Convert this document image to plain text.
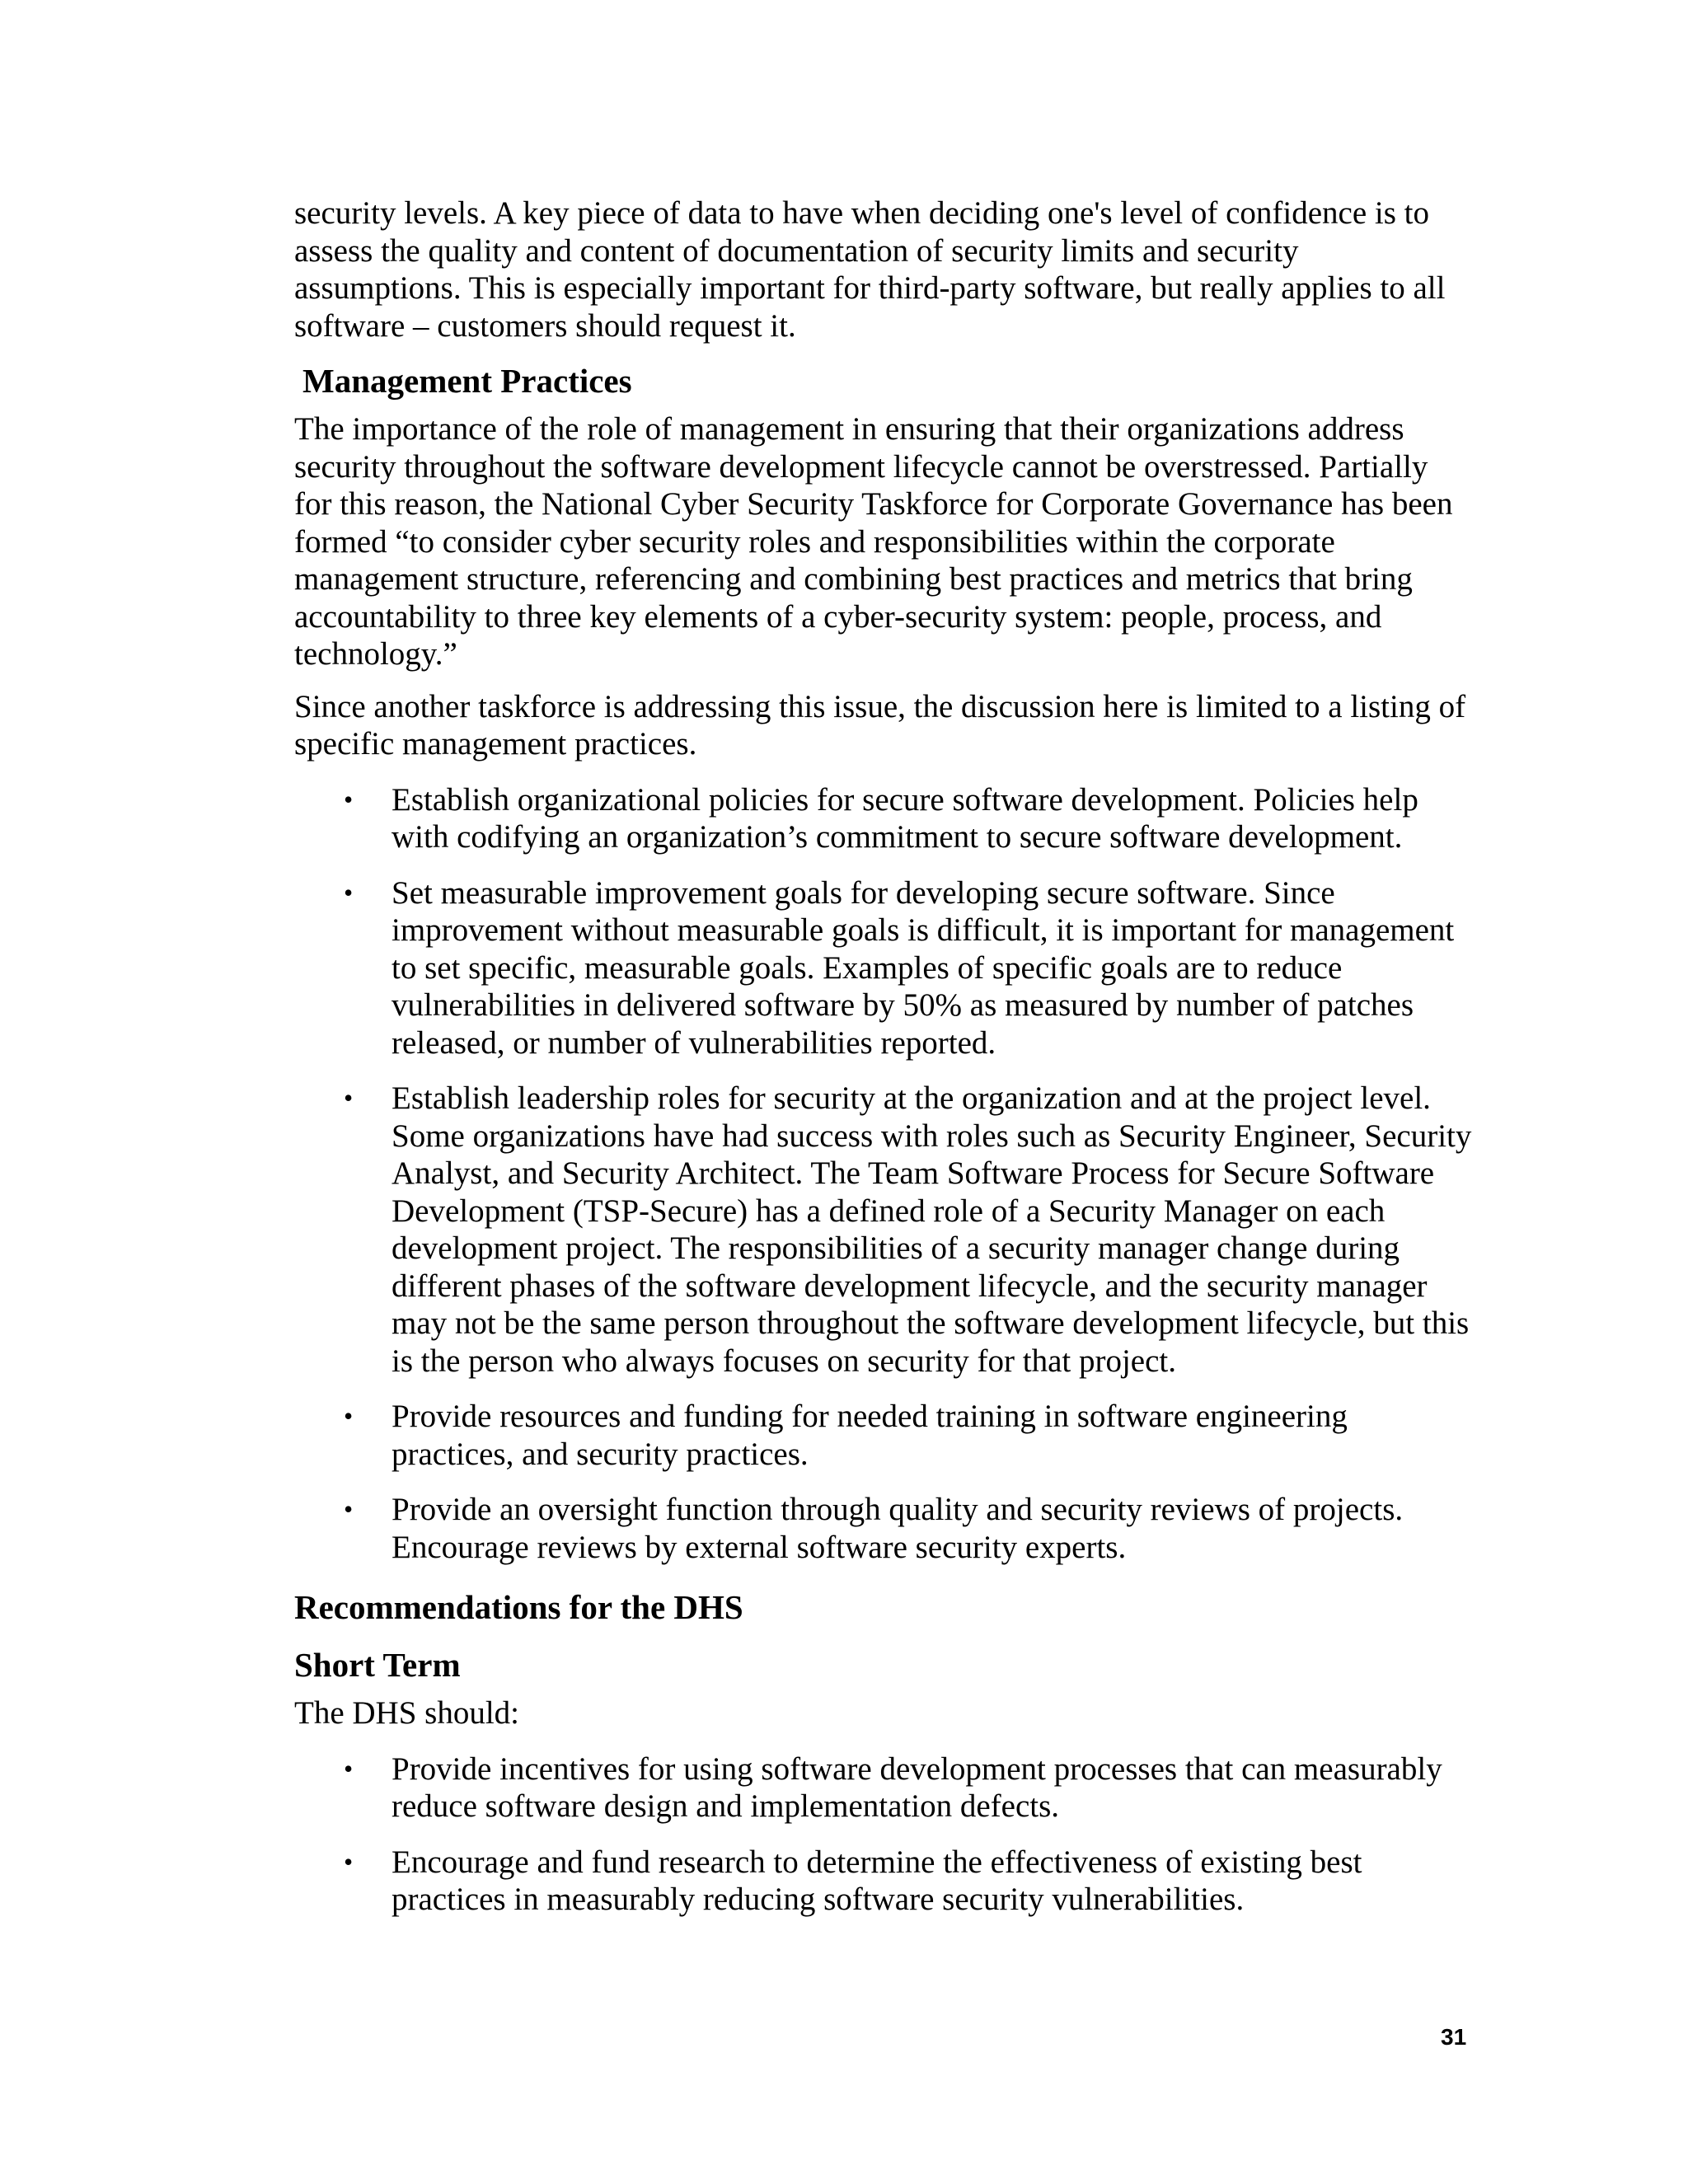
security levels. A key piece of data to have when deciding one's level of confidence is to assess the quality and content of documentation of security limits and security assumptions. This is especially important for third-party software, but really applies to all software – customers should request it.

Management Practices

The importance of the role of management in ensuring that their organizations address security throughout the software development lifecycle cannot be overstressed. Partially for this reason, the National Cyber Security Taskforce for Corporate Governance has been formed “to consider cyber security roles and responsibilities within the corporate management structure, referencing and combining best practices and metrics that bring accountability to three key elements of a cyber-security system: people, process, and technology.”

Since another taskforce is addressing this issue, the discussion here is limited to a listing of specific management practices.

• Establish organizational policies for secure software development. Policies help with codifying an organization’s commitment to secure software development.
• Set measurable improvement goals for developing secure software. Since improvement without measurable goals is difficult, it is important for management to set specific, measurable goals. Examples of specific goals are to reduce vulnerabilities in delivered software by 50% as measured by number of patches released, or number of vulnerabilities reported.
• Establish leadership roles for security at the organization and at the project level. Some organizations have had success with roles such as Security Engineer, Security Analyst, and Security Architect. The Team Software Process for Secure Software Development (TSP-Secure) has a defined role of a Security Manager on each development project. The responsibilities of a security manager change during different phases of the software development lifecycle, and the security manager may not be the same person throughout the software development lifecycle, but this is the person who always focuses on security for that project.
• Provide resources and funding for needed training in software engineering practices, and security practices.
• Provide an oversight function through quality and security reviews of projects. Encourage reviews by external software security experts.
Recommendations for the DHS
Short Term

The DHS should:

• Provide incentives for using software development processes that can measurably reduce software design and implementation defects.
• Encourage and fund research to determine the effectiveness of existing best practices in measurably reducing software security vulnerabilities.
31
